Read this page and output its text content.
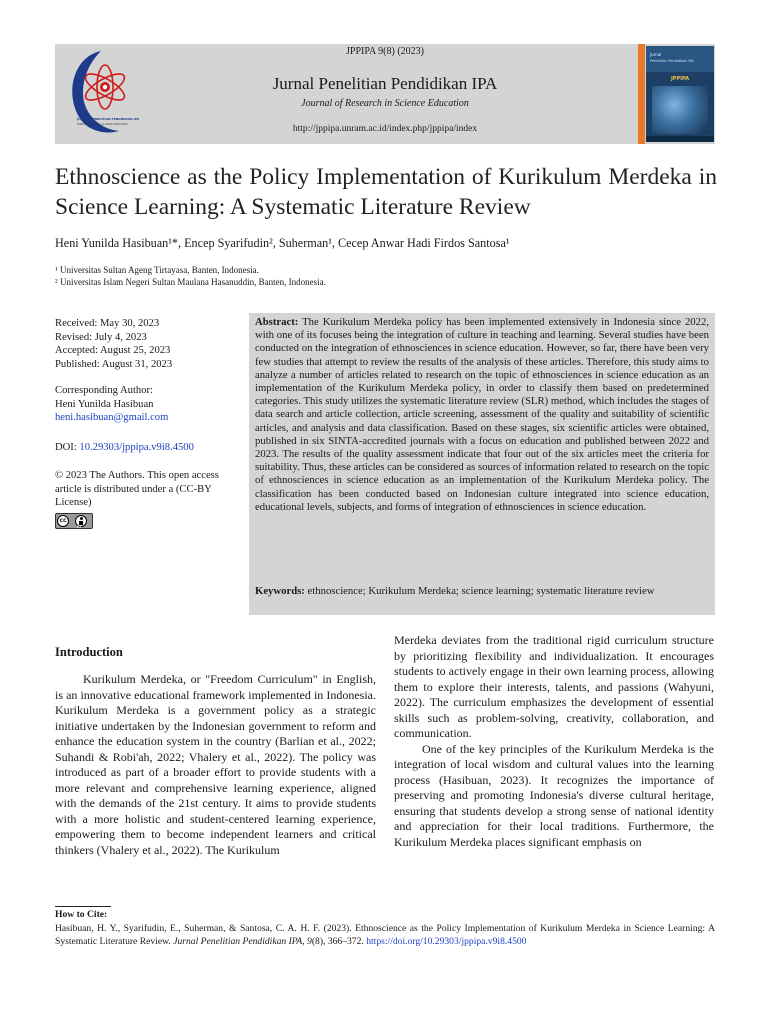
JURNAL PENELITIAN PENDIDIKAN IPA
ISSN 2407-795X | e-ISSN 2460-2582
JPPIPA 9(8) (2023)
Jurnal Penelitian Pendidikan IPA
Journal of Research in Science Education
http://jppipa.unram.ac.id/index.php/jppipa/index
Jurnal
Penelitian Pendidikan IPA
JPPIPA
Ethnoscience as the Policy Implementation of Kurikulum Merdeka in Science Learning: A Systematic Literature Review
Heni Yunilda Hasibuan¹*, Encep Syarifudin², Suherman¹, Cecep Anwar Hadi Firdos Santosa¹
¹ Universitas Sultan Ageng Tirtayasa, Banten, Indonesia.
² Universitas Islam Negeri Sultan Maulana Hasanuddin, Banten, Indonesia.
Received: May 30, 2023
Revised: July 4, 2023
Accepted: August 25, 2023
Published: August 31, 2023
Corresponding Author:
Heni Yunilda Hasibuan
heni.hasibuan@gmail.com
DOI: 10.29303/jppipa.v9i8.4500
© 2023 The Authors. This open access article is distributed under a (CC-BY License)
cc
BY
Abstract: The Kurikulum Merdeka policy has been implemented extensively in Indonesia since 2022, with one of its focuses being the integration of culture in teaching and learning. Several studies have been conducted on the integration of ethnosciences in science education. However, so far, there have been very few studies that attempt to review the results of the analysis of these articles. Therefore, this study aims to analyze a number of articles related to research on the topic of ethnosciences in science education as an implementation of the Kurikulum Merdeka policy, in order to classify them based on predetermined categories. This study utilizes the systematic literature review (SLR) method, which includes the stages of data search and article collection, article screening, assessment of the quality and suitability of scientific articles, and analysis and data classification. Based on these stages, six scientific articles were obtained, published in six SINTA-accredited journals with a focus on education and published between 2022 and 2023. The results of the quality assessment indicate that four out of the six articles meet the criteria for suitability. Thus, these articles can be considered as sources of information related to research on the topic of ethnosciences in science education as an implementation of the Kurikulum Merdeka policy. The classification has been conducted based on Indonesian culture integrated into science education, educational levels, subjects, and forms of integration of ethnosciences in science education.
Keywords: ethnoscience; Kurikulum Merdeka; science learning; systematic literature review
Introduction

Kurikulum Merdeka, or "Freedom Curriculum" in English, is an innovative educational framework implemented in Indonesia. Kurikulum Merdeka is a government policy as a strategic initiative undertaken by the Indonesian government to reform and enhance the education system in the country (Barlian et al., 2022; Suhandi & Robi'ah, 2022; Vhalery et al., 2022). The policy was introduced as part of a broader effort to provide students with a more relevant and comprehensive learning experience, aligned with the demands of the 21st century. It aims to provide students with a more holistic and student-centered learning experience, empowering them to become independent learners and critical thinkers (Vhalery et al., 2022). The Kurikulum

Merdeka deviates from the traditional rigid curriculum structure by prioritizing flexibility and individualization. It encourages students to actively engage in their own learning process, allowing them to explore their interests, talents, and passions (Wahyuni, 2022). The curriculum emphasizes the development of essential skills such as problem-solving, creativity, collaboration, and communication.

One of the key principles of the Kurikulum Merdeka is the integration of local wisdom and cultural values into the learning process (Hasibuan, 2023). It recognizes the importance of preserving and promoting Indonesia's diverse cultural heritage, ensuring that students develop a strong sense of national identity and appreciation for their local traditions. Furthermore, the Kurikulum Merdeka places significant emphasis on

How to Cite:
Hasibuan, H. Y., Syarifudin, E., Suherman, & Santosa, C. A. H. F. (2023). Ethnoscience as the Policy Implementation of Kurikulum Merdeka in Science Learning: A Systematic Literature Review. Jurnal Penelitian Pendidikan IPA, 9(8), 366–372. https://doi.org/10.29303/jppipa.v9i8.4500
